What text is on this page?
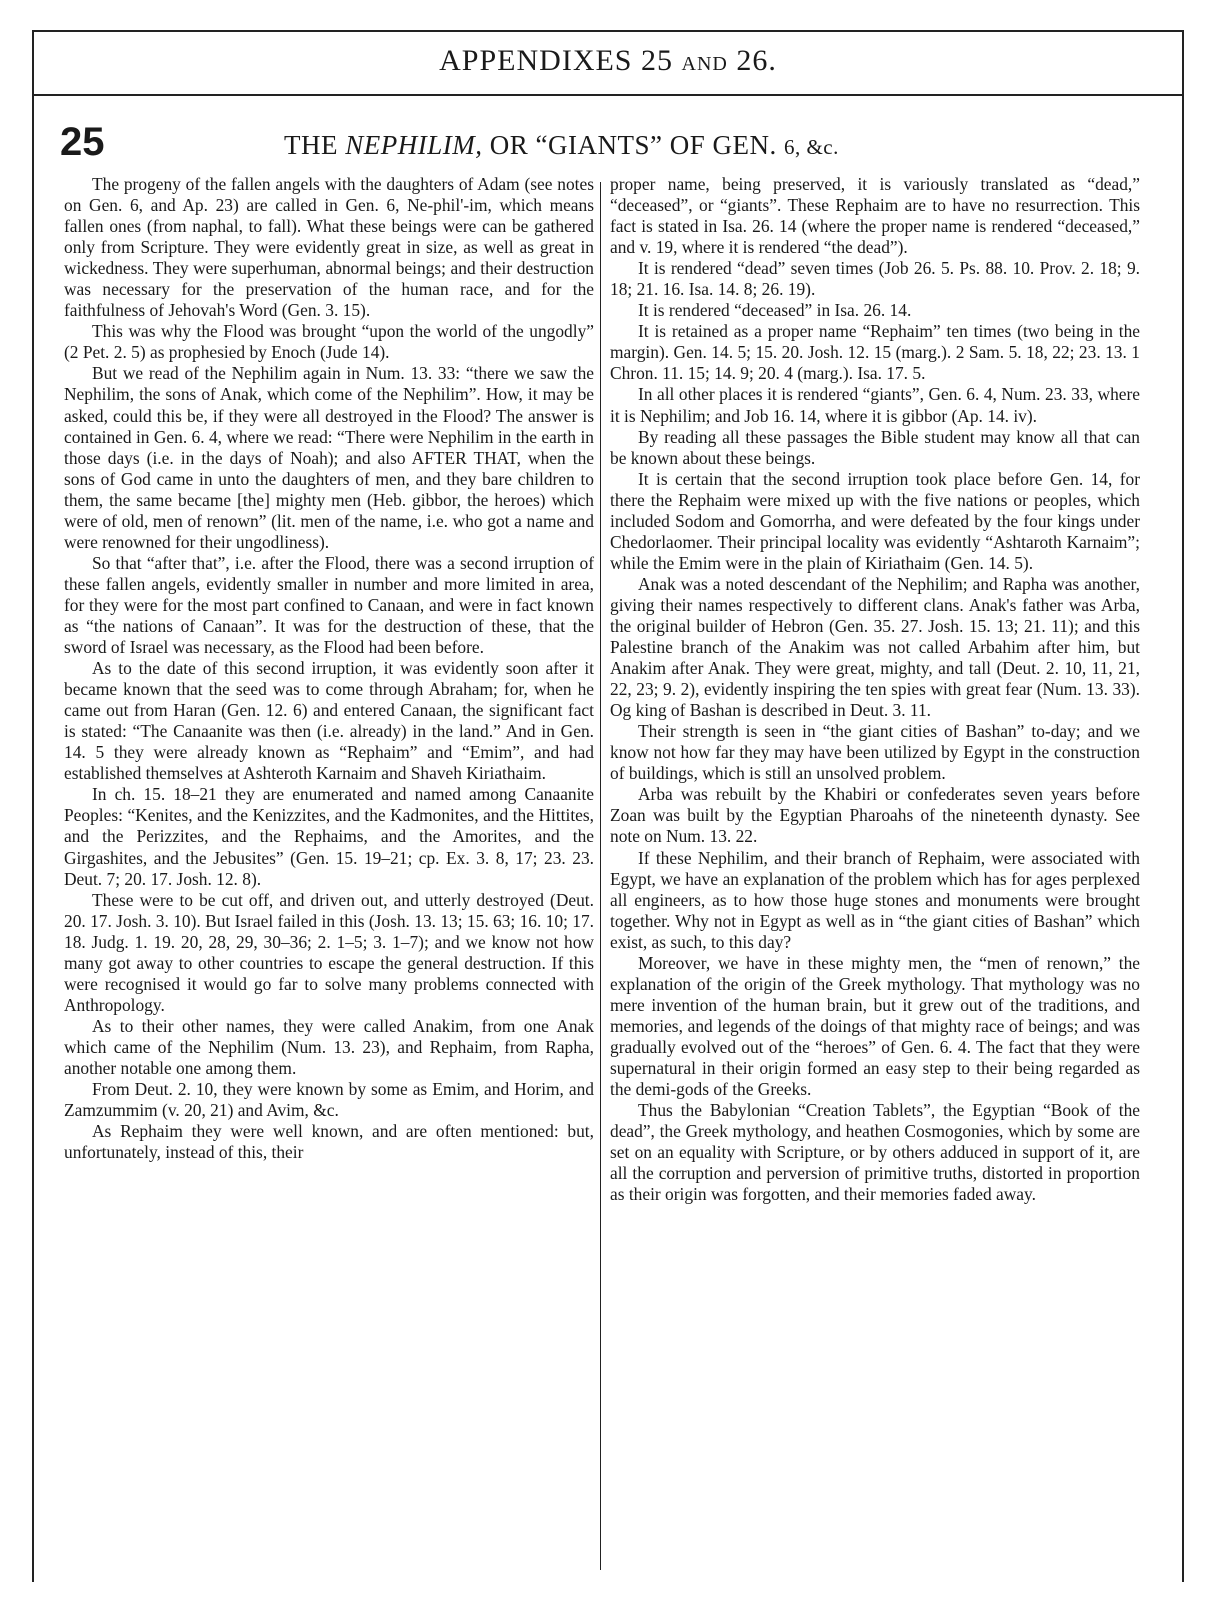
APPENDIXES 25 AND 26.
25	THE NEPHILIM, OR “GIANTS” OF GEN. 6, &c.

The progeny of the fallen angels with the daughters of Adam (see notes on Gen. 6, and Ap. 23) are called in Gen. 6, Ne-phil'-im, which means fallen ones (from naphal, to fall). What these beings were can be gathered only from Scripture. They were evidently great in size, as well as great in wickedness. They were superhuman, abnormal beings; and their destruction was necessary for the preservation of the human race, and for the faithfulness of Jehovah's Word (Gen. 3. 15).

This was why the Flood was brought “upon the world of the ungodly” (2 Pet. 2. 5) as prophesied by Enoch (Jude 14).

But we read of the Nephilim again in Num. 13. 33: “there we saw the Nephilim, the sons of Anak, which come of the Nephilim”. How, it may be asked, could this be, if they were all destroyed in the Flood? The answer is contained in Gen. 6. 4, where we read: “There were Nephilim in the earth in those days (i.e. in the days of Noah); and also AFTER THAT, when the sons of God came in unto the daughters of men, and they bare children to them, the same became [the] mighty men (Heb. gibbor, the heroes) which were of old, men of renown” (lit. men of the name, i.e. who got a name and were renowned for their ungodliness).

So that “after that”, i.e. after the Flood, there was a second irruption of these fallen angels, evidently smaller in number and more limited in area, for they were for the most part confined to Canaan, and were in fact known as “the nations of Canaan”. It was for the destruction of these, that the sword of Israel was necessary, as the Flood had been before.

As to the date of this second irruption, it was evidently soon after it became known that the seed was to come through Abraham; for, when he came out from Haran (Gen. 12. 6) and entered Canaan, the significant fact is stated: “The Canaanite was then (i.e. already) in the land.” And in Gen. 14. 5 they were already known as “Rephaim” and “Emim”, and had established themselves at Ashteroth Karnaim and Shaveh Kiriathaim.

In ch. 15. 18–21 they are enumerated and named among Canaanite Peoples: “Kenites, and the Kenizzites, and the Kadmonites, and the Hittites, and the Perizzites, and the Rephaims, and the Amorites, and the Girgashites, and the Jebusites” (Gen. 15. 19–21; cp. Ex. 3. 8, 17; 23. 23. Deut. 7; 20. 17. Josh. 12. 8).

These were to be cut off, and driven out, and utterly destroyed (Deut. 20. 17. Josh. 3. 10). But Israel failed in this (Josh. 13. 13; 15. 63; 16. 10; 17. 18. Judg. 1. 19. 20, 28, 29, 30–36; 2. 1–5; 3. 1–7); and we know not how many got away to other countries to escape the general destruction. If this were recognised it would go far to solve many problems connected with Anthropology.

As to their other names, they were called Anakim, from one Anak which came of the Nephilim (Num. 13. 23), and Rephaim, from Rapha, another notable one among them.

From Deut. 2. 10, they were known by some as Emim, and Horim, and Zamzummim (v. 20, 21) and Avim, &c.

As Rephaim they were well known, and are often mentioned: but, unfortunately, instead of this, their

proper name, being preserved, it is variously translated as “dead,” “deceased”, or “giants”. These Rephaim are to have no resurrection. This fact is stated in Isa. 26. 14 (where the proper name is rendered “deceased,” and v. 19, where it is rendered “the dead”).

It is rendered “dead” seven times (Job 26. 5. Ps. 88. 10. Prov. 2. 18; 9. 18; 21. 16. Isa. 14. 8; 26. 19).

It is rendered “deceased” in Isa. 26. 14.

It is retained as a proper name “Rephaim” ten times (two being in the margin). Gen. 14. 5; 15. 20. Josh. 12. 15 (marg.). 2 Sam. 5. 18, 22; 23. 13. 1 Chron. 11. 15; 14. 9; 20. 4 (marg.). Isa. 17. 5.

In all other places it is rendered “giants”, Gen. 6. 4, Num. 23. 33, where it is Nephilim; and Job 16. 14, where it is gibbor (Ap. 14. iv).

By reading all these passages the Bible student may know all that can be known about these beings.

It is certain that the second irruption took place before Gen. 14, for there the Rephaim were mixed up with the five nations or peoples, which included Sodom and Gomorrha, and were defeated by the four kings under Chedorlaomer. Their principal locality was evidently “Ashtaroth Karnaim”; while the Emim were in the plain of Kiriathaim (Gen. 14. 5).

Anak was a noted descendant of the Nephilim; and Rapha was another, giving their names respectively to different clans. Anak's father was Arba, the original builder of Hebron (Gen. 35. 27. Josh. 15. 13; 21. 11); and this Palestine branch of the Anakim was not called Arbahim after him, but Anakim after Anak. They were great, mighty, and tall (Deut. 2. 10, 11, 21, 22, 23; 9. 2), evidently inspiring the ten spies with great fear (Num. 13. 33). Og king of Bashan is described in Deut. 3. 11.

Their strength is seen in “the giant cities of Bashan” to-day; and we know not how far they may have been utilized by Egypt in the construction of buildings, which is still an unsolved problem.

Arba was rebuilt by the Khabiri or confederates seven years before Zoan was built by the Egyptian Pharoahs of the nineteenth dynasty. See note on Num. 13. 22.

If these Nephilim, and their branch of Rephaim, were associated with Egypt, we have an explanation of the problem which has for ages perplexed all engineers, as to how those huge stones and monuments were brought together. Why not in Egypt as well as in “the giant cities of Bashan” which exist, as such, to this day?

Moreover, we have in these mighty men, the “men of renown,” the explanation of the origin of the Greek mythology. That mythology was no mere invention of the human brain, but it grew out of the traditions, and memories, and legends of the doings of that mighty race of beings; and was gradually evolved out of the “heroes” of Gen. 6. 4. The fact that they were supernatural in their origin formed an easy step to their being regarded as the demi-gods of the Greeks.

Thus the Babylonian “Creation Tablets”, the Egyptian “Book of the dead”, the Greek mythology, and heathen Cosmogonies, which by some are set on an equality with Scripture, or by others adduced in support of it, are all the corruption and perversion of primitive truths, distorted in proportion as their origin was forgotten, and their memories faded away.
